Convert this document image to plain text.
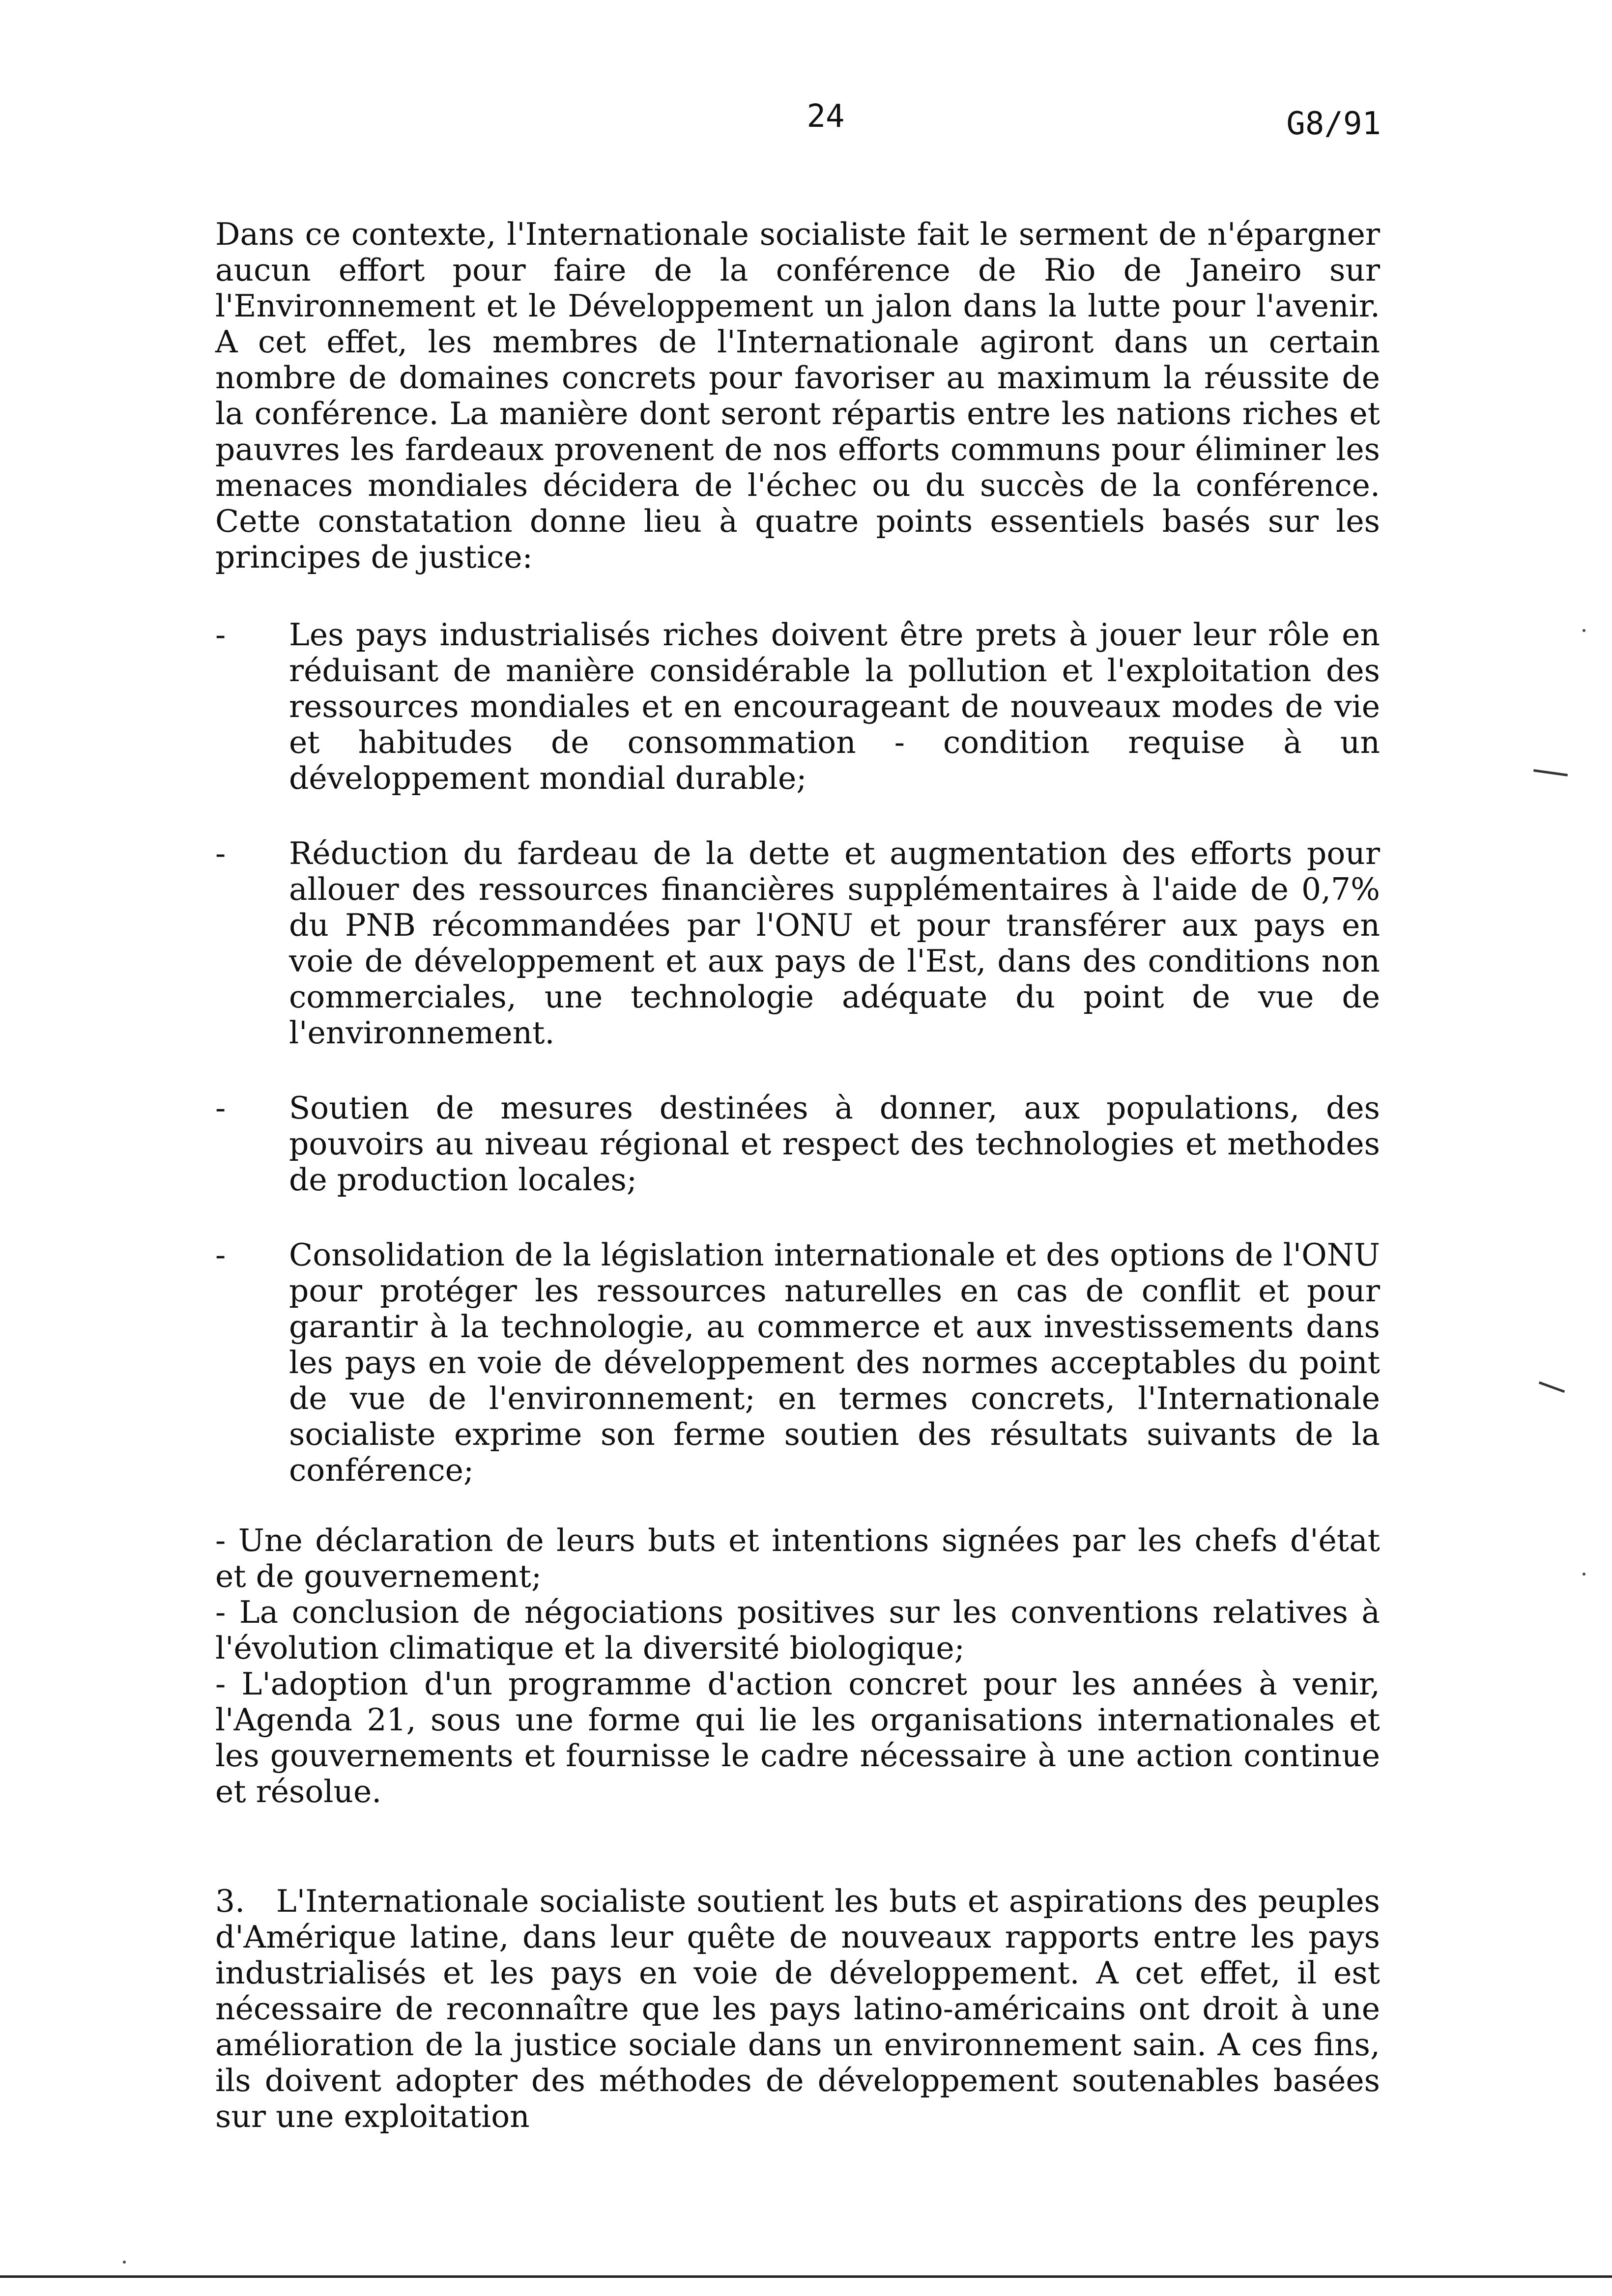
24	G8/91

Dans ce contexte, l'Internationale socialiste fait le serment de n'épargner aucun effort pour faire de la conférence de Rio de Janeiro sur l'Environnement et le Développement un jalon dans la lutte pour l'avenir. A cet effet, les membres de l'Internationale agiront dans un certain nombre de domaines concrets pour favoriser au maximum la réussite de la conférence. La manière dont seront répartis entre les nations riches et pauvres les fardeaux provenent de nos efforts communs pour éliminer les menaces mondiales décidera de l'échec ou du succès de la conférence. Cette constatation donne lieu à quatre points essentiels basés sur les principes de justice:

-	Les pays industrialisés riches doivent être prets à jouer leur rôle en réduisant de manière considérable la pollution et l'exploitation des ressources mondiales et en encourageant de nouveaux modes de vie et habitudes de consommation - condition requise à un développement mondial durable;
-	Réduction du fardeau de la dette et augmentation des efforts pour allouer des ressources financières supplémentaires à l'aide de 0,7% du PNB récommandées par l'ONU et pour transférer aux pays en voie de développement et aux pays de l'Est, dans des conditions non commerciales, une technologie adéquate du point de vue de l'environnement.
-	Soutien de mesures destinées à donner, aux populations, des pouvoirs au niveau régional et respect des technologies et methodes de production locales;
-	Consolidation de la législation internationale et des options de l'ONU pour protéger les ressources naturelles en cas de conflit et pour garantir à la technologie, au commerce et aux investissements dans les pays en voie de développement des normes acceptables du point de vue de l'environnement; en termes concrets, l'Internationale socialiste exprime son ferme soutien des résultats suivants de la conférence;

- Une déclaration de leurs buts et intentions signées par les chefs d'état et de gouvernement;

- La conclusion de négociations positives sur les conventions relatives à l'évolution climatique et la diversité biologique;

- L'adoption d'un programme d'action concret pour les années à venir, l'Agenda 21, sous une forme qui lie les organisations internationales et les gouvernements et fournisse le cadre nécessaire à une action continue et résolue.

3.   L'Internationale socialiste soutient les buts et aspirations des peuples d'Amérique latine, dans leur quête de nouveaux rapports entre les pays industrialisés et les pays en voie de développement. A cet effet, il est nécessaire de reconnaître que les pays latino-américains ont droit à une amélioration de la justice sociale dans un environnement sain. A ces fins, ils doivent adopter des méthodes de développement soutenables basées sur une exploitation
